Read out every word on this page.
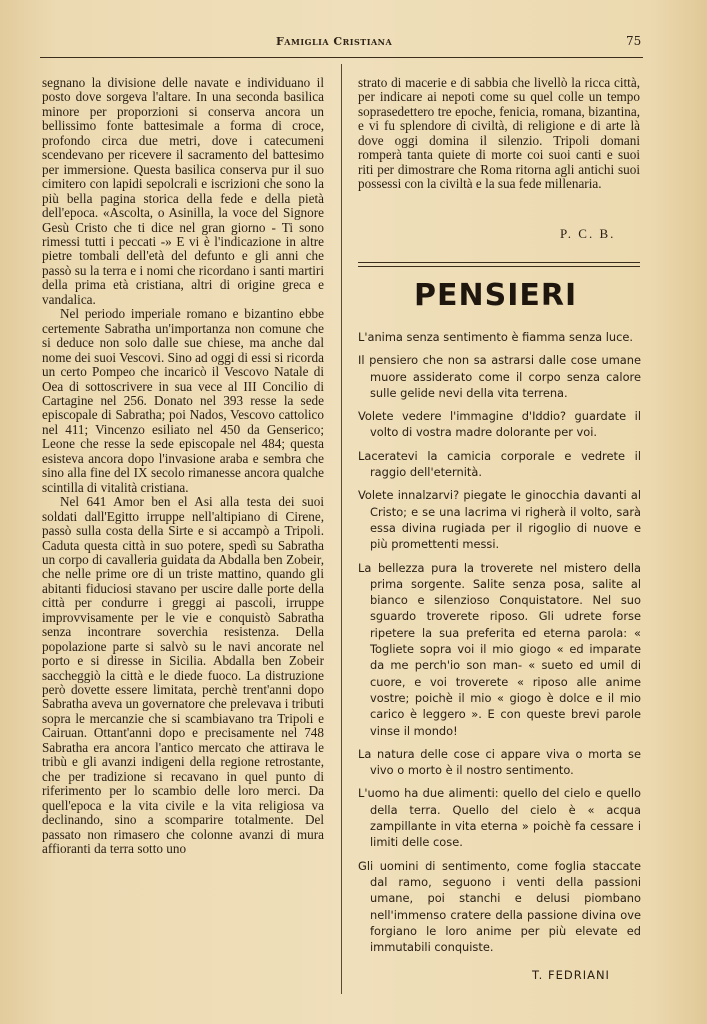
Famiglia Cristiana	75

segnano la divisione delle navate e individuano il posto dove sorgeva l'altare. In una seconda basilica minore per proporzioni si conserva ancora un bellissimo fonte battesimale a forma di croce, profondo circa due metri, dove i catecumeni scendevano per ricevere il sacramento del battesimo per immersione. Questa basilica conserva pur il suo cimitero con lapidi sepolcrali e iscrizioni che sono la più bella pagina storica della fede e della pietà dell'epoca. «Ascolta, o Asinilla, la voce del Signore Gesù Cristo che ti dice nel gran giorno - Ti sono rimessi tutti i peccati -» E vi è l'indicazione in altre pietre tombali dell'età del defunto e gli anni che passò su la terra e i nomi che ricordano i santi martiri della prima età cristiana, altri di origine greca e vandalica.

Nel periodo imperiale romano e bizantino ebbe certemente Sabratha un'importanza non comune che si deduce non solo dalle sue chiese, ma anche dal nome dei suoi Vescovi. Sino ad oggi di essi si ricorda un certo Pompeo che incaricò il Vescovo Natale di Oea di sottoscrivere in sua vece al III Concilio di Cartagine nel 256. Donato nel 393 resse la sede episcopale di Sabratha; poi Nados, Vescovo cattolico nel 411; Vincenzo esiliato nel 450 da Genserico; Leone che resse la sede episcopale nel 484; questa esisteva ancora dopo l'invasione araba e sembra che sino alla fine del IX secolo rimanesse ancora qualche scintilla di vitalità cristiana.

Nel 641 Amor ben el Asi alla testa dei suoi soldati dall'Egitto irruppe nell'altipiano di Cirene, passò sulla costa della Sirte e si accampò a Tripoli. Caduta questa città in suo potere, spedì su Sabratha un corpo di cavalleria guidata da Abdalla ben Zobeir, che nelle prime ore di un triste mattino, quando gli abitanti fiduciosi stavano per uscire dalle porte della città per condurre i greggi ai pascoli, irruppe improvvisamente per le vie e conquistò Sabratha senza incontrare soverchia resistenza. Della popolazione parte si salvò su le navi ancorate nel porto e si diresse in Sicilia. Abdalla ben Zobeir saccheggiò la città e le diede fuoco. La distruzione però dovette essere limitata, perchè trent'anni dopo Sabratha aveva un governatore che prelevava i tributi sopra le mercanzie che si scambiavano tra Tripoli e Cairuan. Ottant'anni dopo e precisamente nel 748 Sabratha era ancora l'antico mercato che attirava le tribù e gli avanzi indigeni della regione retrostante, che per tradizione si recavano in quel punto di riferimento per lo scambio delle loro merci. Da quell'epoca e la vita civile e la vita religiosa va declinando, sino a scomparire totalmente. Del passato non rimasero che colonne avanzi di mura affioranti da terra sotto uno

strato di macerie e di sabbia che livellò la ricca città, per indicare ai nepoti come su quel colle un tempo soprasedettero tre epoche, fenicia, romana, bizantina, e vi fu splendore di civiltà, di religione e di arte là dove oggi domina il silenzio. Tripoli domani romperà tanta quiete di morte coi suoi canti e suoi riti per dimostrare che Roma ritorna agli antichi suoi possessi con la civiltà e la sua fede millenaria.

P. C. B.
PENSIERI

L'anima senza sentimento è fiamma senza luce.

Il pensiero che non sa astrarsi dalle cose umane muore assiderato come il corpo senza calore sulle gelide nevi della vita terrena.

Volete vedere l'immagine d'Iddio? guardate il volto di vostra madre dolorante per voi.

Laceratevi la camicia corporale e vedrete il raggio dell'eternità.

Volete innalzarvi? piegate le ginocchia davanti al Cristo; e se una lacrima vi righerà il volto, sarà essa divina rugiada per il rigoglio di nuove e più promettenti messi.

La bellezza pura la troverete nel mistero della prima sorgente. Salite senza posa, salite al bianco e silenzioso Conquistatore. Nel suo sguardo troverete riposo. Gli udrete forse ripetere la sua preferita ed eterna parola: « Togliete sopra voi il mio giogo « ed imparate da me perch'io son man- « sueto ed umil di cuore, e voi troverete « riposo alle anime vostre; poichè il mio « giogo è dolce e il mio carico è leggero ». E con queste brevi parole vinse il mondo!

La natura delle cose ci appare viva o morta se vivo o morto è il nostro sentimento.

L'uomo ha due alimenti: quello del cielo e quello della terra. Quello del cielo è « acqua zampillante in vita eterna » poichè fa cessare i limiti delle cose.

Gli uomini di sentimento, come foglia staccate dal ramo, seguono i venti della passioni umane, poi stanchi e delusi piombano nell'immenso cratere della passione divina ove forgiano le loro anime per più elevate ed immutabili conquiste.

T. FEDRIANI
